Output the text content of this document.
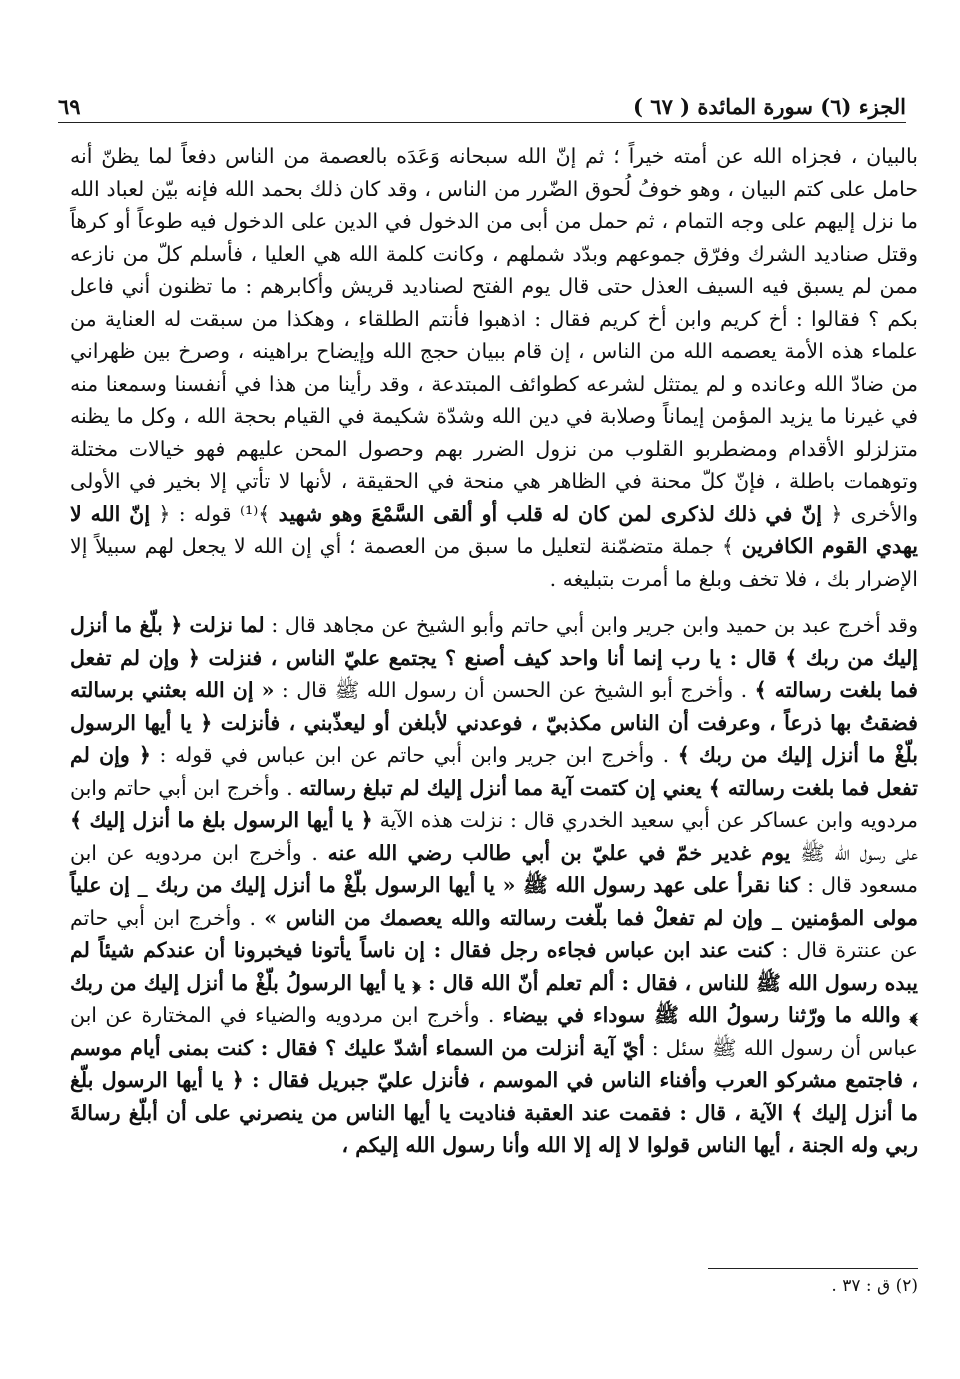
الجزء (٦) سورة المائدة ( ٦٧ )
٦٩

بالبيان ، فجزاه الله عن أمته خيراً ؛ ثم إنّ الله سبحانه وَعَدَه بالعصمة من الناس دفعاً لما يظنّ أنه حامل على كتم البيان ، وهو خوفُ لُحوق الضّرر من الناس ، وقد كان ذلك بحمد الله فإنه بيّن لعباد الله ما نزل إليهم على وجه التمام ، ثم حمل من أبى من الدخول في الدين على الدخول فيه طوعاً أو كرهاً وقتل صناديد الشرك وفرّق جموعهم وبدّد شملهم ، وكانت كلمة الله هي العليا ، فأسلم كلّ من نازعه ممن لم يسبق فيه السيف العذل حتى قال يوم الفتح لصناديد قريش وأكابرهم : ما تظنون أني فاعل بكم ؟ فقالوا : أخ كريم وابن أخ كريم فقال : اذهبوا فأنتم الطلقاء ، وهكذا من سبقت له العناية من علماء هذه الأمة يعصمه الله من الناس ، إن قام ببيان حجج الله وإيضاح براهينه ، وصرخ بين ظهراني من ضادّ الله وعانده و لم يمتثل لشرعه كطوائف المبتدعة ، وقد رأينا من هذا في أنفسنا وسمعنا منه في غيرنا ما يزيد المؤمن إيماناً وصلابة في دين الله وشدّة شكيمة في القيام بحجة الله ، وكل ما يظنه متزلزلو الأقدام ومضطربو القلوب من نزول الضرر بهم وحصول المحن عليهم فهو خيالات مختلة وتوهمات باطلة ، فإنّ كلّ محنة في الظاهر هي منحة في الحقيقة ، لأنها لا تأتي إلا بخير في الأولى والأخرى ﴿ إنّ في ذلك لذكرى لمن كان له قلب أو ألقى السَّمْعَ وهو شهيد ﴾⁽¹⁾ قوله : ﴿ إنّ الله لا يهدي القوم الكافرين ﴾ جملة متضمّنة لتعليل ما سبق من العصمة ؛ أي إن الله لا يجعل لهم سبيلاً إلا الإضرار بك ، فلا تخف وبلغ ما أمرت بتبليغه .

وقد أخرج عبد بن حميد وابن جرير وابن أبي حاتم وأبو الشيخ عن مجاهد قال : لما نزلت ﴿ بلّغ ما أنزل إليك من ربك ﴾ قال : يا رب إنما أنا واحد كيف أصنع ؟ يجتمع عليّ الناس ، فنزلت ﴿ وإن لم تفعل فما بلغت رسالته ﴾ . وأخرج أبو الشيخ عن الحسن أن رسول الله ﷺ قال : « إن الله بعثني برسالته فضقتُ بها ذرعاً ، وعرفت أن الناس مكذبيّ ، فوعدني لأبلغن أو ليعذّبني ، فأنزلت ﴿ يا أيها الرسول بلّغْ ما أنزل إليك من ربك ﴾ . وأخرج ابن جرير وابن أبي حاتم عن ابن عباس في قوله : ﴿ وإن لم تفعل فما بلغت رسالته ﴾ يعني إن كتمت آية مما أنزل إليك لم تبلغ رسالته . وأخرج ابن أبي حاتم وابن مردويه وابن عساكر عن أبي سعيد الخدري قال : نزلت هذه الآية ﴿ يا أيها الرسول بلغ ما أنزل إليك ﴾ على رسول الله ﷺ يوم غدير خمّ في عليّ بن أبي طالب رضي الله عنه . وأخرج ابن مردويه عن ابن مسعود قال : كنا نقرأ على عهد رسول الله ﷺ « يا أيها الرسول بلّغْ ما أنزل إليك من ربك _ إن علياً مولى المؤمنين _ وإن لم تفعلْ فما بلّغت رسالته والله يعصمك من الناس » . وأخرج ابن أبي حاتم عن عنترة قال : كنت عند ابن عباس فجاءه رجل فقال : إن ناساً يأتونا فيخبرونا أن عندكم شيئاً لم يبده رسول الله ﷺ للناس ، فقال : ألم تعلم أنّ الله قال : ﴿ يا أيها الرسولُ بلّغْ ما أنزل إليك من ربك ﴾ والله ما ورّثنا رسولُ الله ﷺ سوداء في بيضاء . وأخرج ابن مردويه والضياء في المختارة عن ابن عباس أن رسول الله ﷺ سئل : أيّ آية أنزلت من السماء أشدّ عليك ؟ فقال : كنت بمنى أيام موسم ، فاجتمع مشركو العرب وأفناء الناس في الموسم ، فأنزل عليّ جبريل فقال : ﴿ يا أيها الرسول بلّغ ما أنزل إليك ﴾ الآية ، قال : فقمت عند العقبة فناديت يا أيها الناس من ينصرني على أن أبلّغ رسالةَ ربي وله الجنة ، أيها الناس قولوا لا إله إلا الله وأنا رسول الله إليكم ،

(٢) ق : ٣٧ .
